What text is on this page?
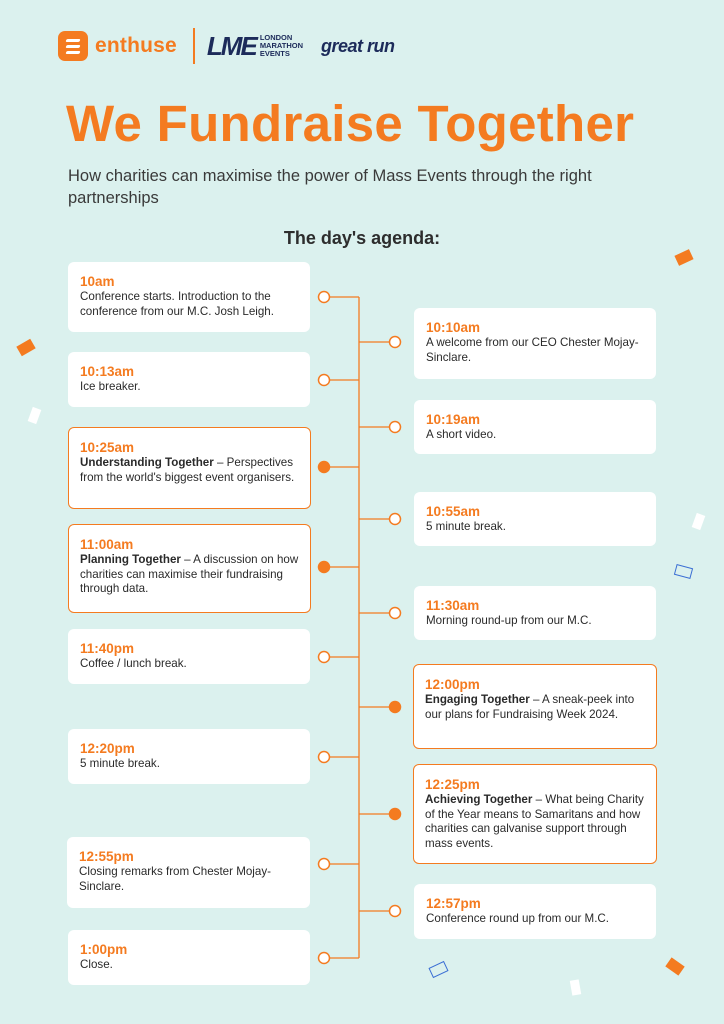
enthuse LME LONDON
MARATHON
EVENTS	great run
We Fundraise Together

How charities can maximise the power of Mass Events through the right partnerships

The day's agenda:
10am
Conference starts. Introduction to the conference from our M.C. Josh Leigh.
10:13am
Ice breaker.
10:25am
Understanding Together – Perspectives from the world's biggest event organisers.
11:00am
Planning Together – A discussion on how charities can maximise their fundraising through data.
11:40pm
Coffee / lunch break.
12:20pm
5 minute break.
12:55pm
Closing remarks from Chester Mojay-Sinclare.
1:00pm
Close.
10:10am
A welcome from our CEO Chester Mojay-Sinclare.
10:19am
A short video.
10:55am
5 minute break.
11:30am
Morning round-up from our M.C.
12:00pm
Engaging Together – A sneak-peek into our plans for Fundraising Week 2024.
12:25pm
Achieving Together – What being Charity of the Year means to Samaritans and how charities can galvanise support through mass events.
12:57pm
Conference round up from our M.C.
